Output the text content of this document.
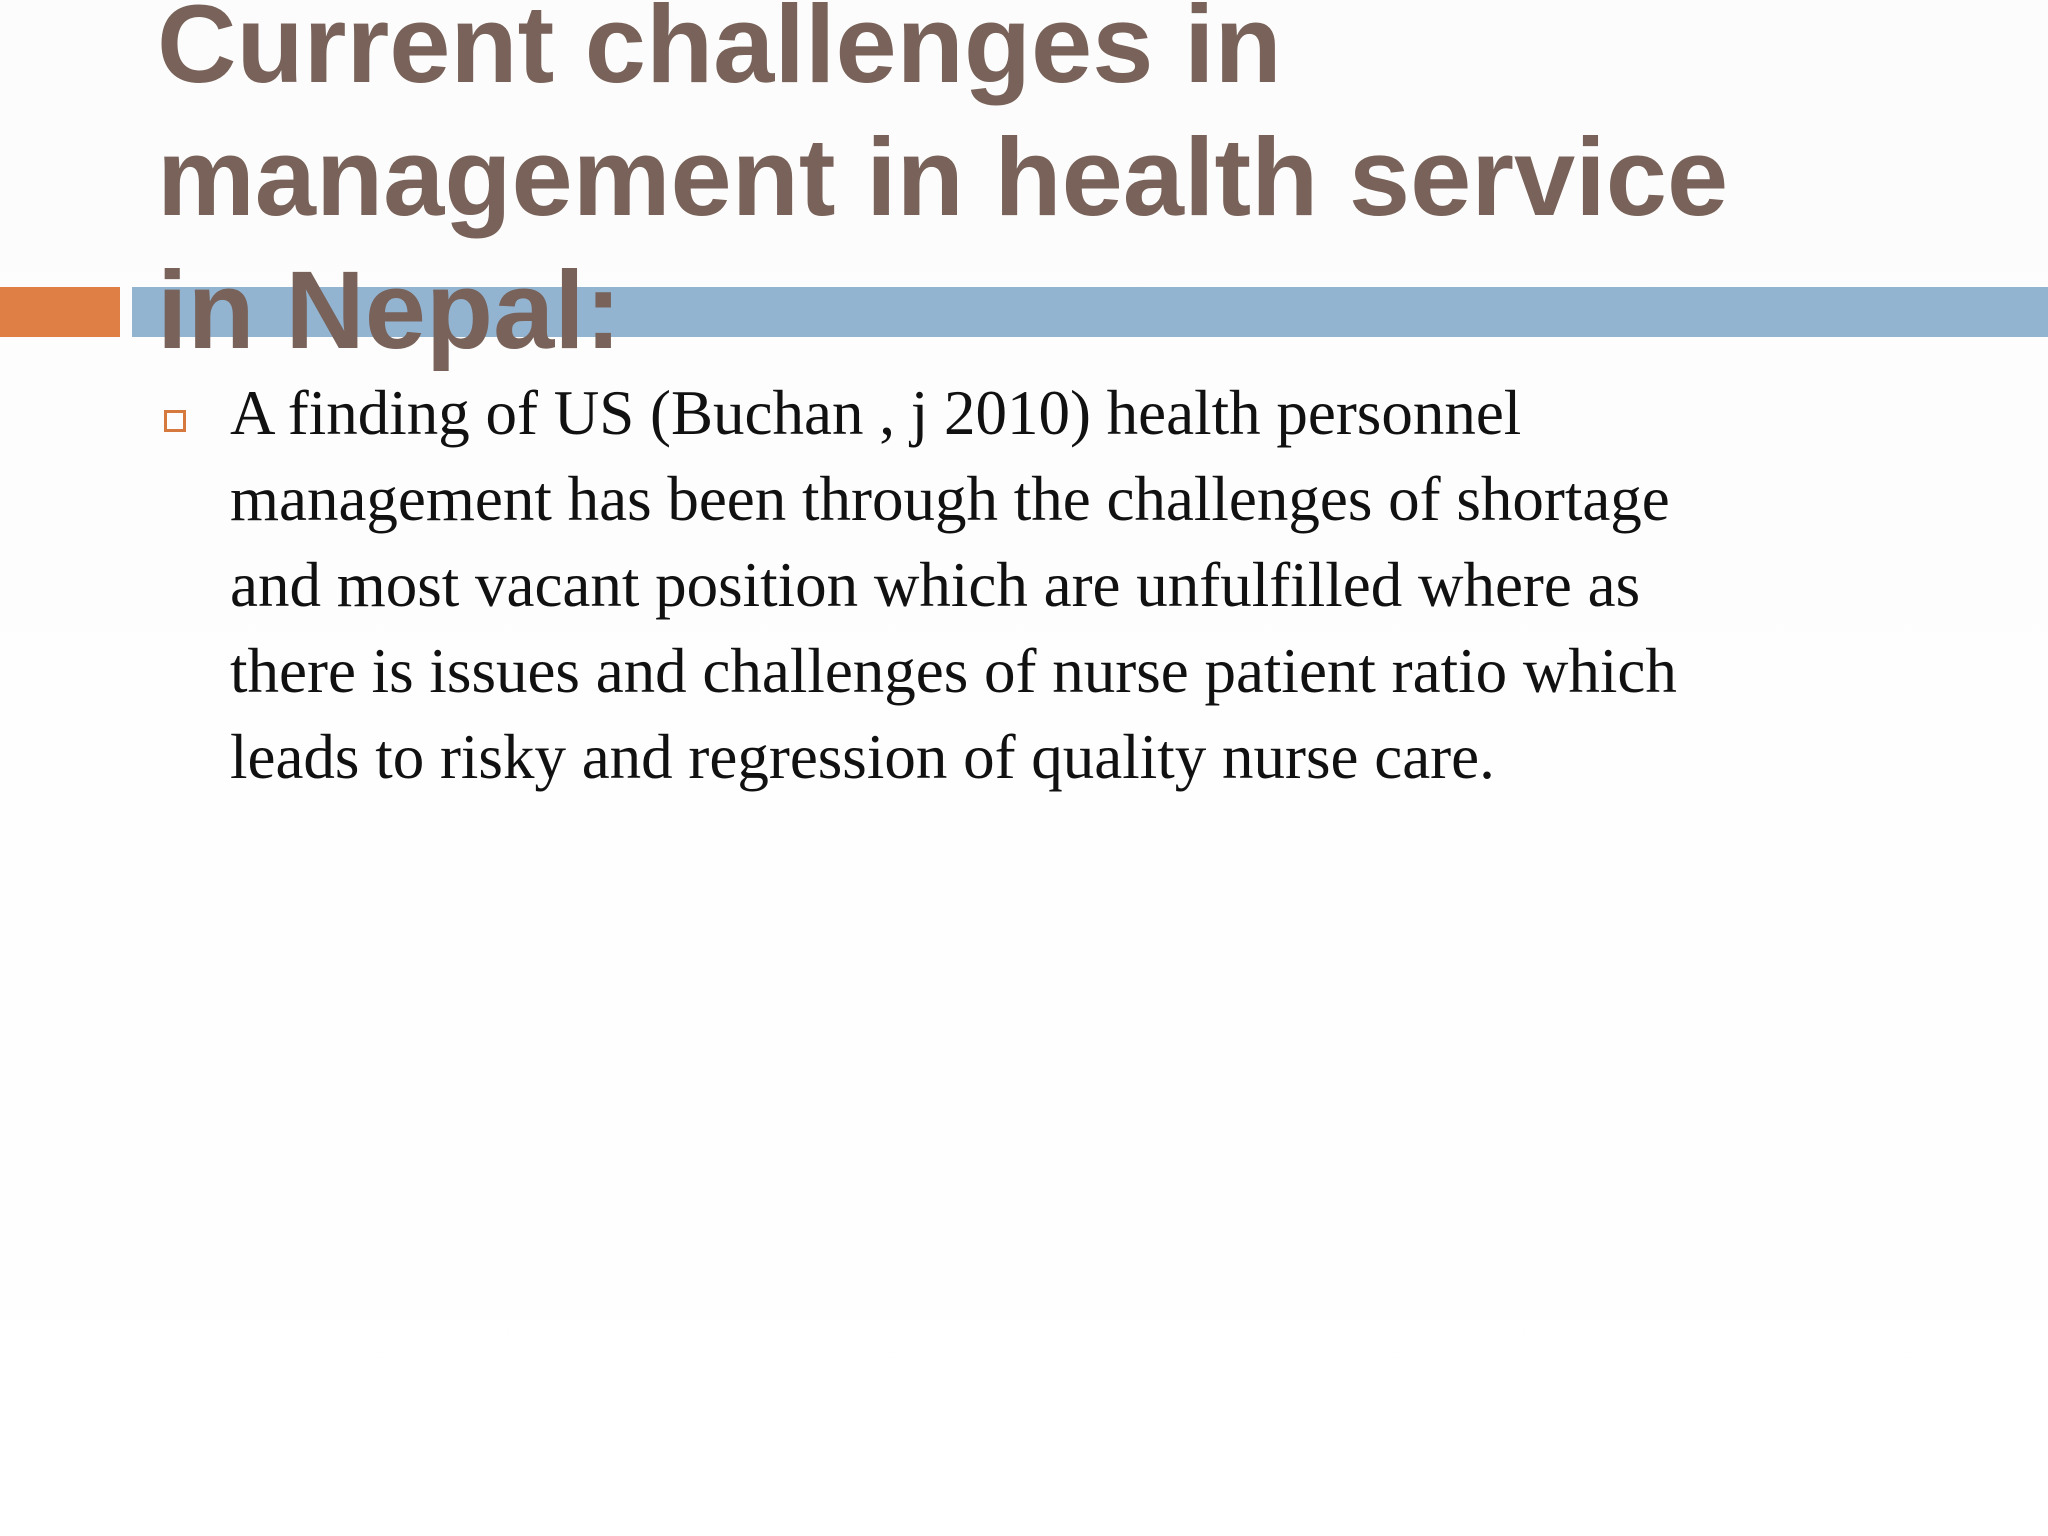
Current challenges in
management in health service
in Nepal:

A finding of US (Buchan , j 2010) health personnel
management has been through the challenges of shortage
and most vacant position which are unfulfilled where as
there is issues and challenges of nurse patient ratio which
leads to risky and regression of quality nurse care.
